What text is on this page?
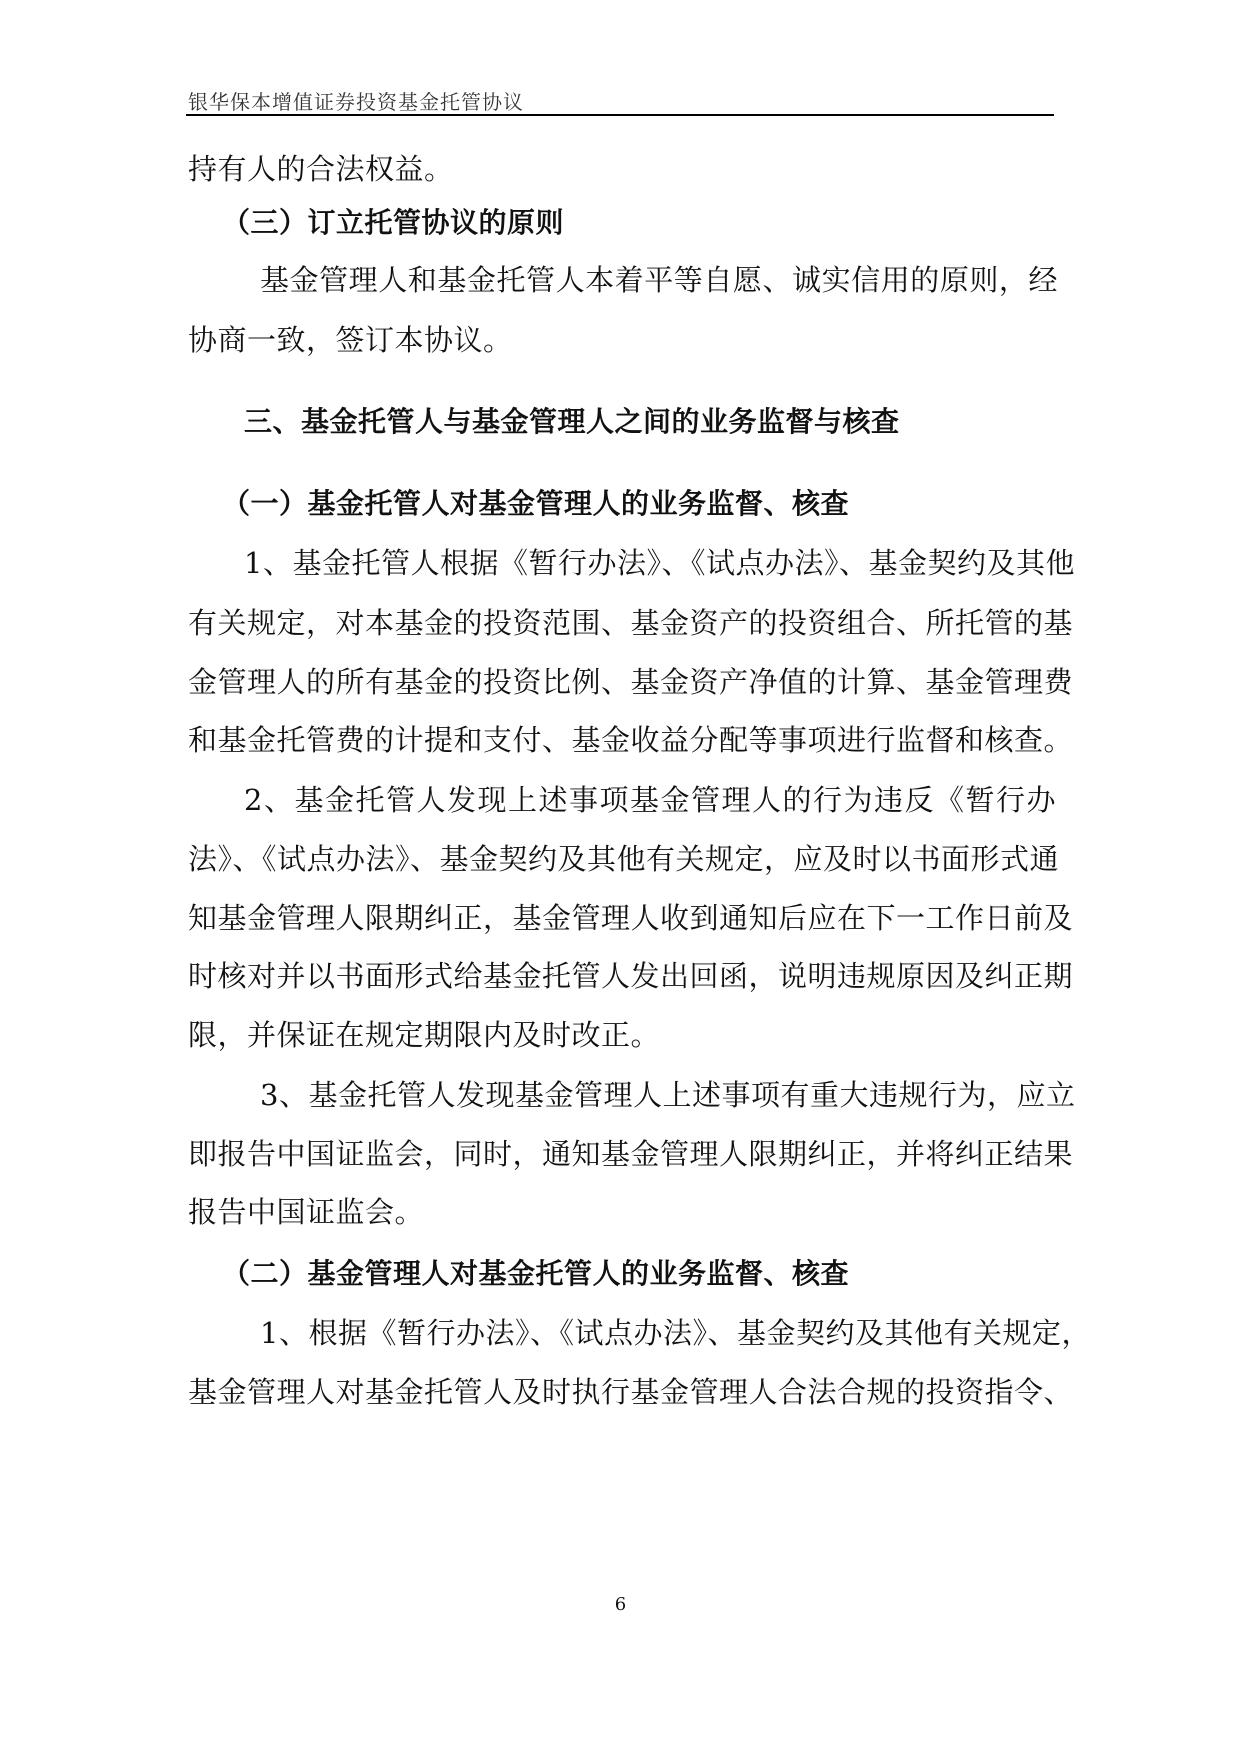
银华保本增值证券投资基金托管协议
持有人的合法权益。
（三）订立托管协议的原则
基金管理人和基金托管人本着平等自愿、诚实信用的原则，经
协商一致，签订本协议。
三、基金托管人与基金管理人之间的业务监督与核查
（一）基金托管人对基金管理人的业务监督、核查
1、基金托管人根据《暂行办法》、《试点办法》、基金契约及其他
有关规定，对本基金的投资范围、基金资产的投资组合、所托管的基
金管理人的所有基金的投资比例、基金资产净值的计算、基金管理费
和基金托管费的计提和支付、基金收益分配等事项进行监督和核查。
2、基金托管人发现上述事项基金管理人的行为违反《暂行办
法》、《试点办法》、基金契约及其他有关规定，应及时以书面形式通
知基金管理人限期纠正，基金管理人收到通知后应在下一工作日前及
时核对并以书面形式给基金托管人发出回函，说明违规原因及纠正期
限，并保证在规定期限内及时改正。
3、基金托管人发现基金管理人上述事项有重大违规行为，应立
即报告中国证监会，同时，通知基金管理人限期纠正，并将纠正结果
报告中国证监会。
（二）基金管理人对基金托管人的业务监督、核查
1、根据《暂行办法》、《试点办法》、基金契约及其他有关规定，
基金管理人对基金托管人及时执行基金管理人合法合规的投资指令、
6
